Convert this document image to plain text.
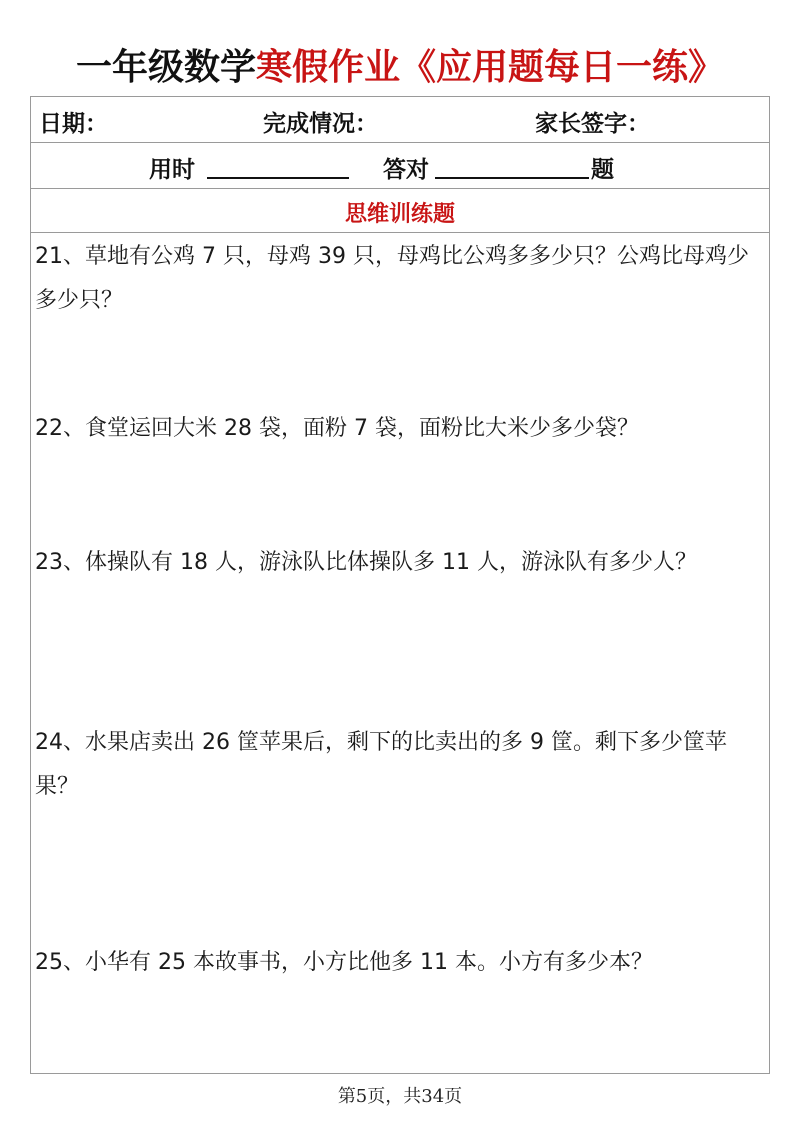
一年级数学寒假作业《应用题每日一练》
日期：	完成情况：	家长签字：
用时	答对	题
思维训练题
21、草地有公鸡 7 只，母鸡 39 只，母鸡比公鸡多多少只？公鸡比母鸡少多少只？
22、食堂运回大米 28 袋，面粉 7 袋，面粉比大米少多少袋？
23、体操队有 18 人，游泳队比体操队多 11 人，游泳队有多少人？
24、水果店卖出 26 筐苹果后，剩下的比卖出的多 9 筐。剩下多少筐苹果？
25、小华有 25 本故事书，小方比他多 11 本。小方有多少本？
第5页，共34页
